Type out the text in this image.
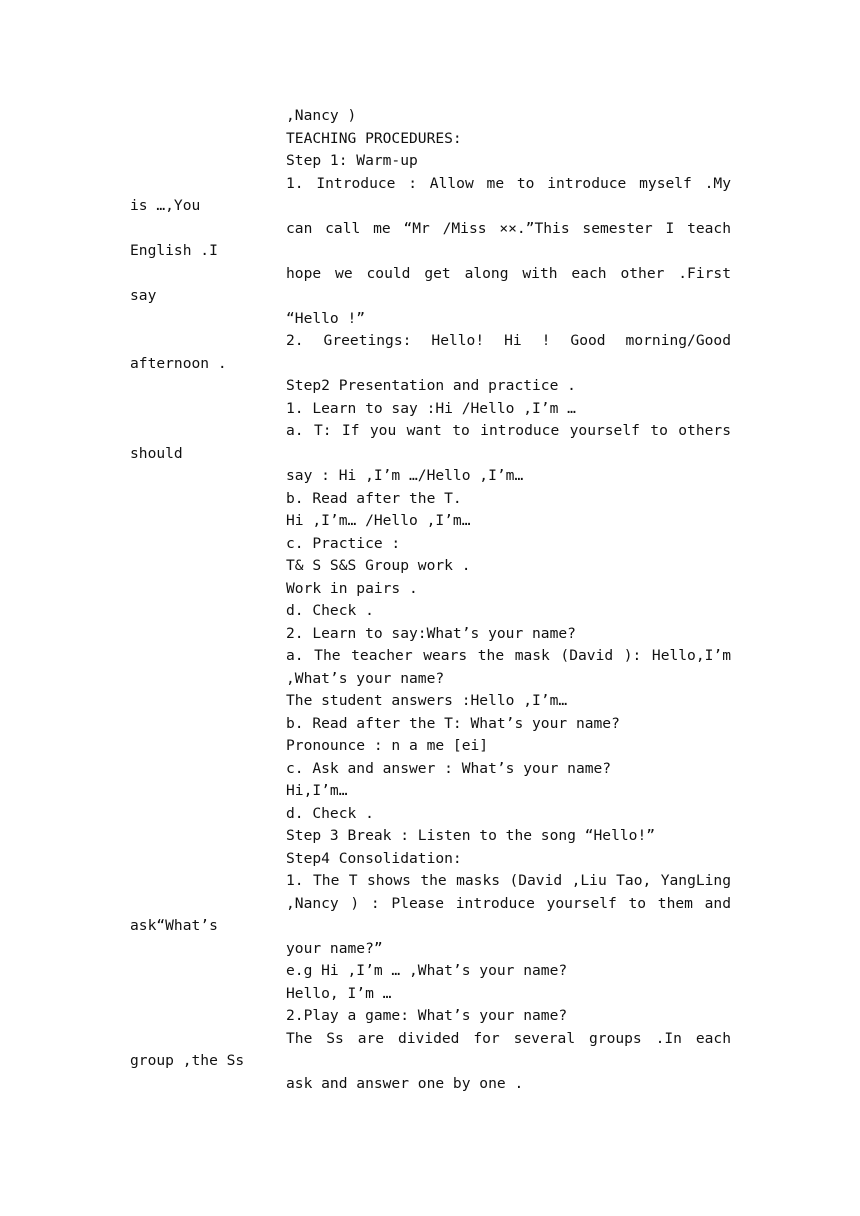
,Nancy )
TEACHING PROCEDURES:
Step 1: Warm-up
1. Introduce : Allow me to introduce myself .My
is …,You
can call me “Mr /Miss ××.”This semester I teach
English .I
hope we could get along with each other .First
say
“Hello !”
2. Greetings: Hello! Hi ! Good morning/Good
afternoon .
Step2 Presentation and practice .
1. Learn to say :Hi /Hello ,I’m …
a. T: If you want to introduce yourself to others
should
say : Hi ,I’m …/Hello ,I’m…
b. Read after the T.
Hi ,I’m… /Hello ,I’m…
c. Practice :
T& S S&S Group work .
Work in pairs .
d. Check .
2. Learn to say:What’s your name?
a. The teacher wears the mask (David ): Hello,I’m
,What’s your name?
The student answers :Hello ,I’m…
b. Read after the T: What’s your name?
Pronounce : n a me [ei]
c. Ask and answer : What’s your name?
Hi,I’m…
d. Check .
Step 3 Break : Listen to the song “Hello!”
Step4 Consolidation:
1. The T shows the masks (David ,Liu Tao, YangLing
,Nancy ) : Please introduce yourself to them and
ask“What’s
your name?”
e.g Hi ,I’m … ,What’s your name?
Hello, I’m …
2.Play a game: What’s your name?
The Ss are divided for several groups .In each
group ,the Ss
ask and answer one by one .
